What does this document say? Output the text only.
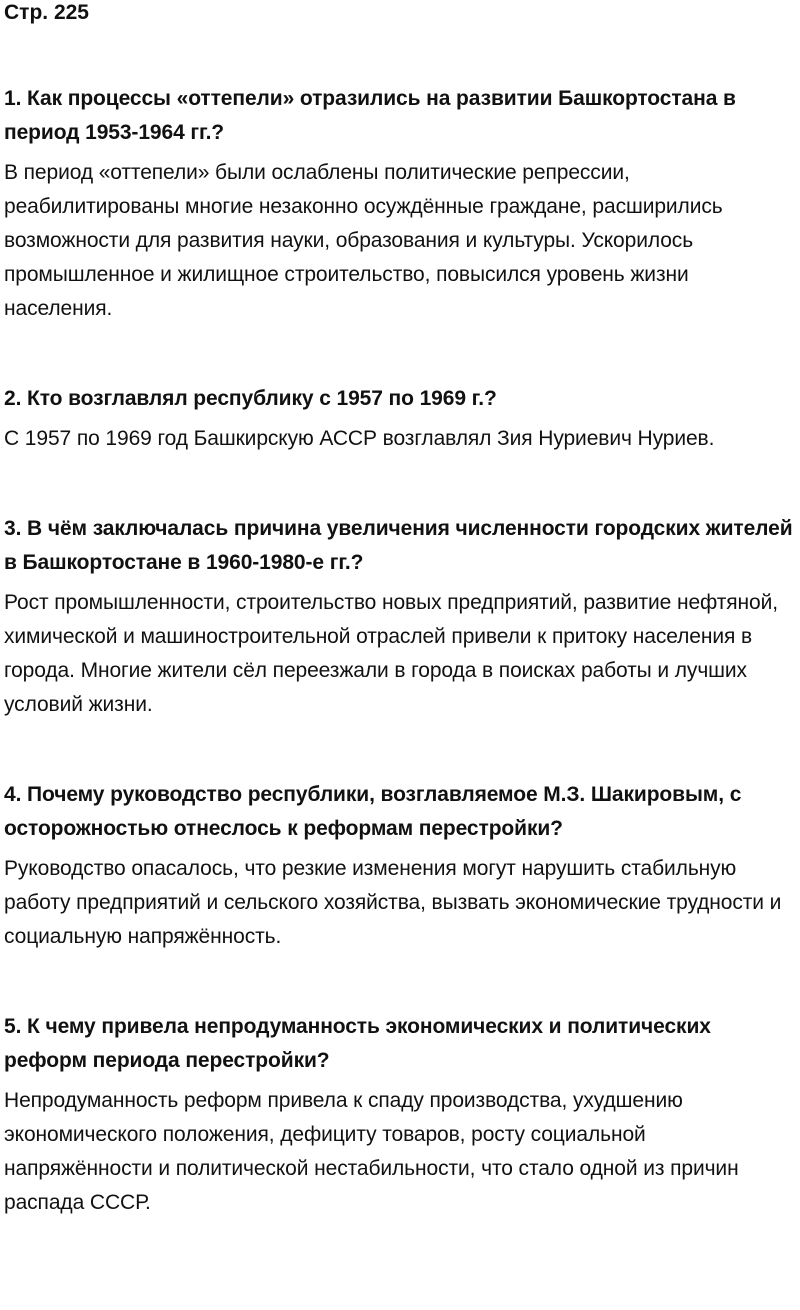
Стр. 225
1. Как процессы «оттепели» отразились на развитии Башкортостана в период 1953-1964 гг.?
В период «оттепели» были ослаблены политические репрессии, реабилитированы многие незаконно осуждённые граждане, расширились возможности для развития науки, образования и культуры. Ускорилось промышленное и жилищное строительство, повысился уровень жизни населения.
2. Кто возглавлял республику с 1957 по 1969 г.?
С 1957 по 1969 год Башкирскую АССР возглавлял Зия Нуриевич Нуриев.
3. В чём заключалась причина увеличения численности городских жителей в Башкортостане в 1960-1980-е гг.?
Рост промышленности, строительство новых предприятий, развитие нефтяной, химической и машиностроительной отраслей привели к притоку населения в города. Многие жители сёл переезжали в города в поисках работы и лучших условий жизни.
4. Почему руководство республики, возглавляемое М.З. Шакировым, с осторожностью отнеслось к реформам перестройки?
Руководство опасалось, что резкие изменения могут нарушить стабильную работу предприятий и сельского хозяйства, вызвать экономические трудности и социальную напряжённость.
5. К чему привела непродуманность экономических и политических реформ периода перестройки?
Непродуманность реформ привела к спаду производства, ухудшению экономического положения, дефициту товаров, росту социальной напряжённости и политической нестабильности, что стало одной из причин распада СССР.
